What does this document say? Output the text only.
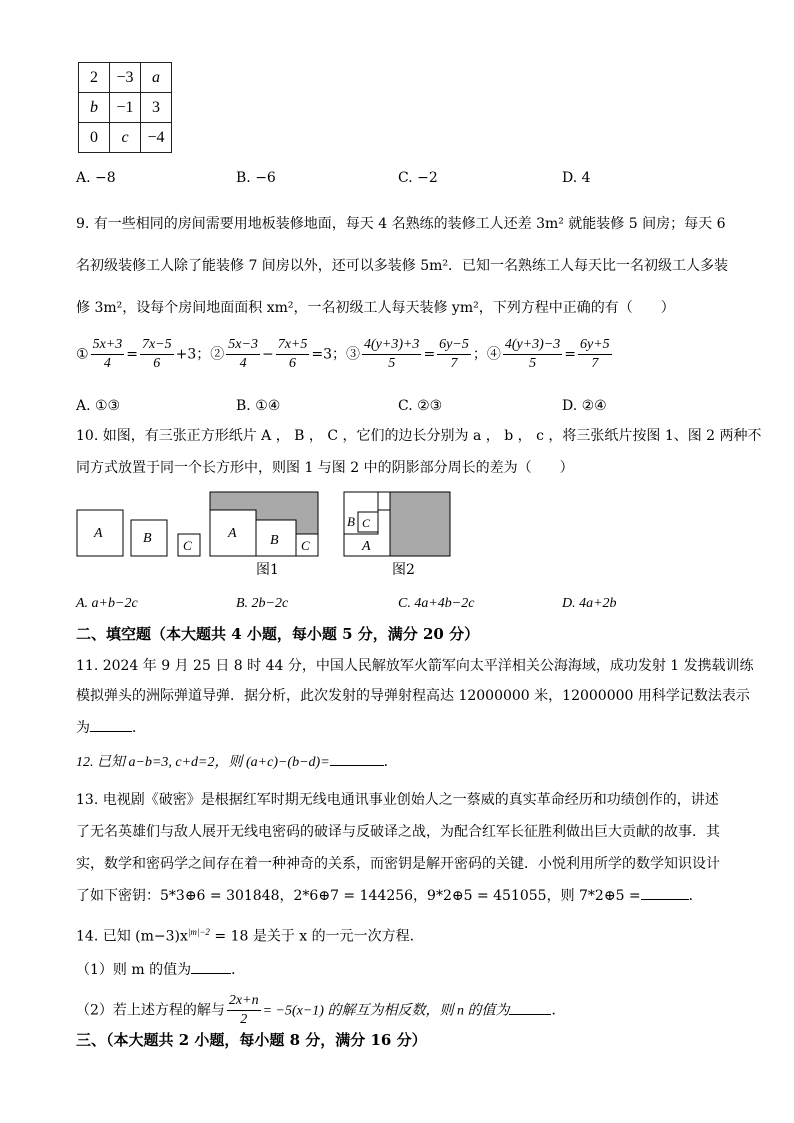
2	−3	a
b	−1	3
0	c	−4
A. −8	B. −6	C. −2	D. 4
9. 有一些相同的房间需要用地板装修地面，每天 4 名熟练的装修工人还差 3m² 就能装修 5 间房；每天 6
名初级装修工人除了能装修 7 间房以外，还可以多装修 5m²．已知一名熟练工人每天比一名初级工人多装
修 3m²，设每个房间地面面积 xm²，一名初级工人每天装修 ym²，下列方程中正确的有（　　）
① $\frac{5x+3}{4} = \frac{7x-5}{6} +3$；② $\frac{5x-3}{4} - \frac{7x+5}{6} =3$；③ $\frac{4(y+3)+3}{5} = \frac{6y-5}{7}$ ；④ $\frac{4(y+3)-3}{5} = \frac{6y+5}{7}$
A. ①③	B. ①④	C. ②③	D. ②④
10. 如图，有三张正方形纸片 A ， B ， C ，它们的边长分别为 a ， b ， c ，将三张纸片按图 1、图 2 两种不
同方式放置于同一个长方形中，则图 1 与图 2 中的阴影部分周长的差为（　　）
A	B C
A B C	A
B C
图1	图2
A. a+b−2c	B. 2b−2c	C. 4a+4b−2c	D. 4a+2b
二、填空题（本大题共 4 小题，每小题 5 分，满分 20 分）
11. 2024 年 9 月 25 日 8 时 44 分，中国人民解放军火箭军向太平洋相关公海海域，成功发射 1 发携载训练
模拟弹头的洲际弹道导弹．据分析，此次发射的导弹射程高达 12000000 米，12000000 用科学记数法表示
为	．
12. 已知 a−b=3, c+d=2，则 (a+c)−(b−d)=	．
13. 电视剧《破密》是根据红军时期无线电通讯事业创始人之一蔡威的真实革命经历和功绩创作的，讲述
了无名英雄们与敌人展开无线电密码的破译与反破译之战，为配合红军长征胜利做出巨大贡献的故事．其
实，数学和密码学之间存在着一种神奇的关系，而密钥是解开密码的关键．小悦利用所学的数学知识设计
了如下密钥：5*3⊕6 = 301848，2*6⊕7 = 144256，9*2⊕5 = 451055，则 7*2⊕5 =	．
14. 已知 $(m-3)x^{|m|-2} = 18$ 是关于 x 的一元一次方程．
（1）则 m 的值为	．
（2）若上述方程的解与 $\frac{2x+n}{2} = -5(x-1)$ 的解互为相反数，则 n 的值为	．
三、（本大题共 2 小题，每小题 8 分，满分 16 分）
